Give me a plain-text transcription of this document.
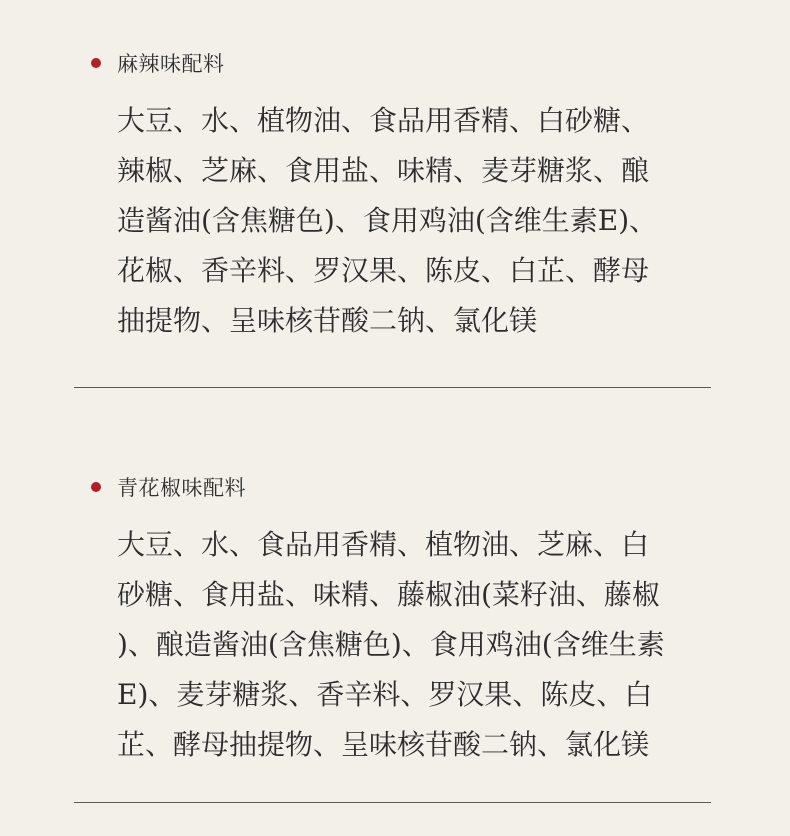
麻辣味配料
大豆、水、植物油、食品用香精、白砂糖、
辣椒、芝麻、食用盐、味精、麦芽糖浆、酿
造酱油(含焦糖色)、食用鸡油(含维生素E)、
花椒、香辛料、罗汉果、陈皮、白芷、酵母
抽提物、呈味核苷酸二钠、氯化镁
青花椒味配料
大豆、水、食品用香精、植物油、芝麻、白
砂糖、食用盐、味精、藤椒油(菜籽油、藤椒
)、酿造酱油(含焦糖色)、食用鸡油(含维生素
E)、麦芽糖浆、香辛料、罗汉果、陈皮、白
芷、酵母抽提物、呈味核苷酸二钠、氯化镁
